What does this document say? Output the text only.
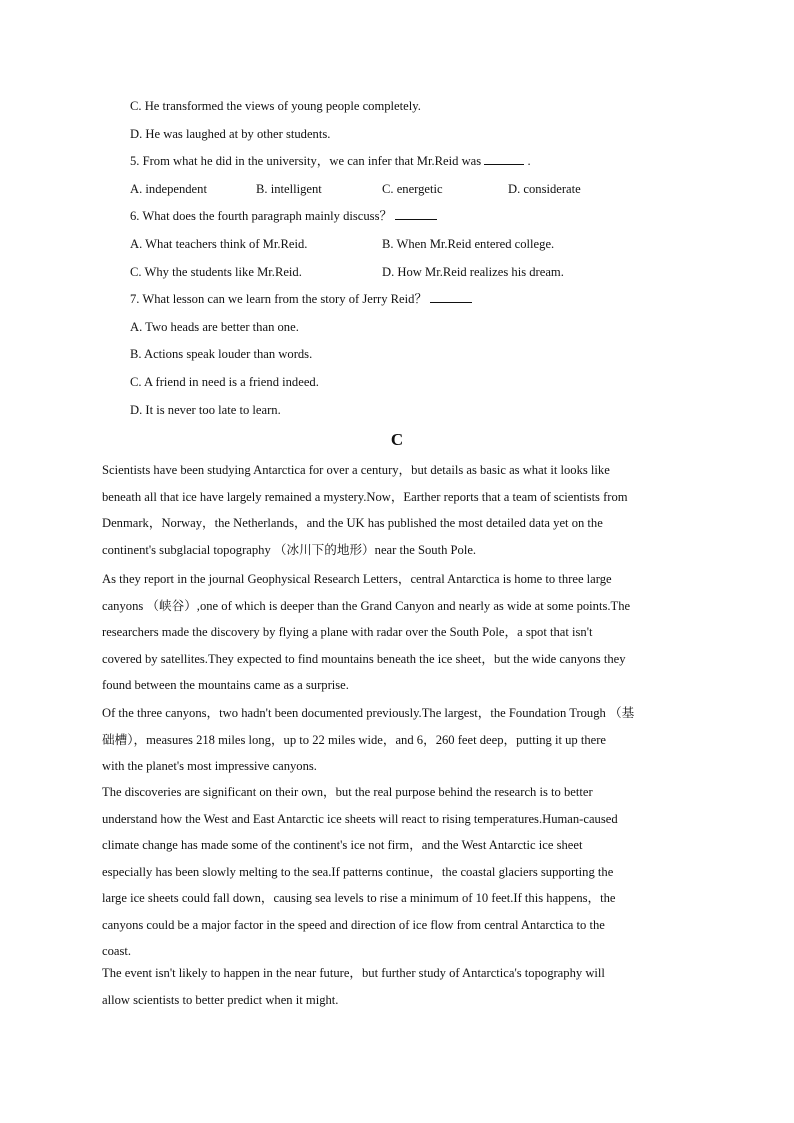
C. He transformed the views of young people completely.
D. He was laughed at by other students.
5. From what he did in the university，we can infer that Mr.Reid was	.
A. independent	B. intelligent	C. energetic	D. considerate
6. What does the fourth paragraph mainly discuss？
A. What teachers think of Mr.Reid.	B. When Mr.Reid entered college.
C. Why the students like Mr.Reid.	D. How Mr.Reid realizes his dream.
7. What lesson can we learn from the story of Jerry Reid？
A. Two heads are better than one.
B. Actions speak louder than words.
C. A friend in need is a friend indeed.
D. It is never too late to learn.
C
Scientists have been studying Antarctica for over a century，but details as basic as what it looks like
beneath all that ice have largely remained a mystery.Now，Earther reports that a team of scientists from
Denmark，Norway，the Netherlands，and the UK has published the most detailed data yet on the
continent's subglacial topography （冰川下的地形）near the South Pole.
As they report in the journal Geophysical Research Letters，central Antarctica is home to three large
canyons （峡谷）,one of which is deeper than the Grand Canyon and nearly as wide at some points.The
researchers made the discovery by flying a plane with radar over the South Pole，a spot that isn't
covered by satellites.They expected to find mountains beneath the ice sheet，but the wide canyons they
found between the mountains came as a surprise.
Of the three canyons，two hadn't been documented previously.The largest，the Foundation Trough （基
础槽），measures 218 miles long，up to 22 miles wide，and 6，260 feet deep，putting it up there
with the planet's most impressive canyons.
The discoveries are significant on their own，but the real purpose behind the research is to better
understand how the West and East Antarctic ice sheets will react to rising temperatures.Human-caused
climate change has made some of the continent's ice not firm，and the West Antarctic ice sheet
especially has been slowly melting to the sea.If patterns continue，the coastal glaciers supporting the
large ice sheets could fall down，causing sea levels to rise a minimum of 10 feet.If this happens，the
canyons could be a major factor in the speed and direction of ice flow from central Antarctica to the
coast.
The event isn't likely to happen in the near future，but further study of Antarctica's topography will
allow scientists to better predict when it might.
